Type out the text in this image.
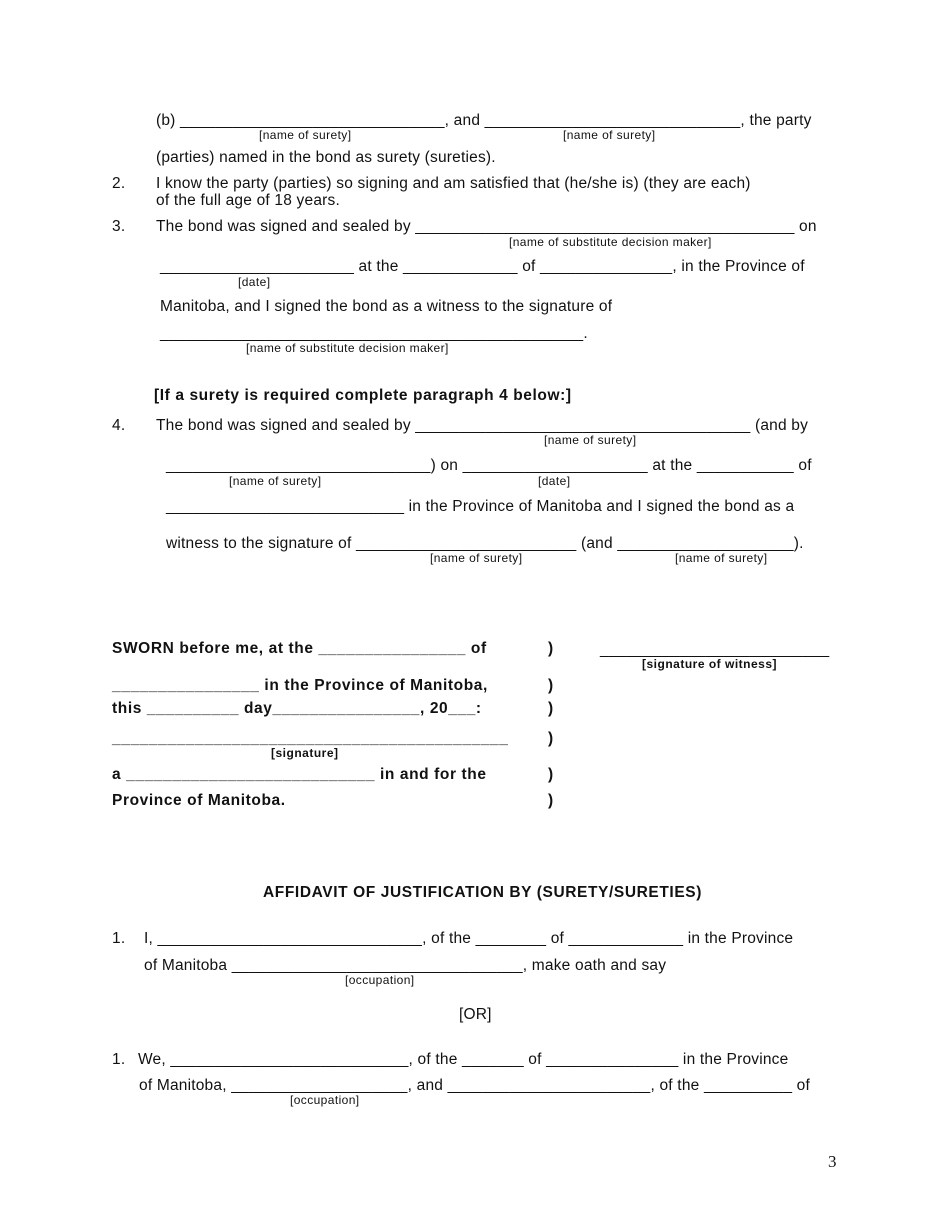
(b) ______________________________, and _____________________________, the party
[name of surety]	[name of surety]
(parties) named in the bond as surety (sureties).
2. I know the party (parties) so signing and am satisfied that (he/she is) (they are each)
of the full age of 18 years.
3. The bond was signed and sealed by ___________________________________________ on
[name of substitute decision maker]
______________________ at the _____________ of _______________, in the Province of
[date]
Manitoba, and I signed the bond as a witness to the signature of
________________________________________________.
[name of substitute decision maker]
[If a surety is required complete paragraph 4 below:]
4. The bond was signed and sealed by ______________________________________ (and by
[name of surety]
______________________________) on _____________________ at the ___________ of
[name of surety]	[date]
___________________________ in the Province of Manitoba and I signed the bond as a
witness to the signature of _________________________ (and ____________________).
[name of surety]	[name of surety]
SWORN before me, at the ________________ of
________________ in the Province of Manitoba,
this __________ day________________, 20___:
___________________________________________
[signature]
a ___________________________ in and for the
Province of Manitoba.
)
)
)
)
)
)
__________________________
[signature of witness]
AFFIDAVIT OF JUSTIFICATION BY (SURETY/SURETIES)
1. I, ______________________________, of the ________ of _____________ in the Province
of Manitoba _________________________________, make oath and say
[occupation]
[OR]
1. We, ___________________________, of the _______ of _______________ in the Province
of Manitoba, ____________________, and _______________________, of the __________ of
[occupation]
3
